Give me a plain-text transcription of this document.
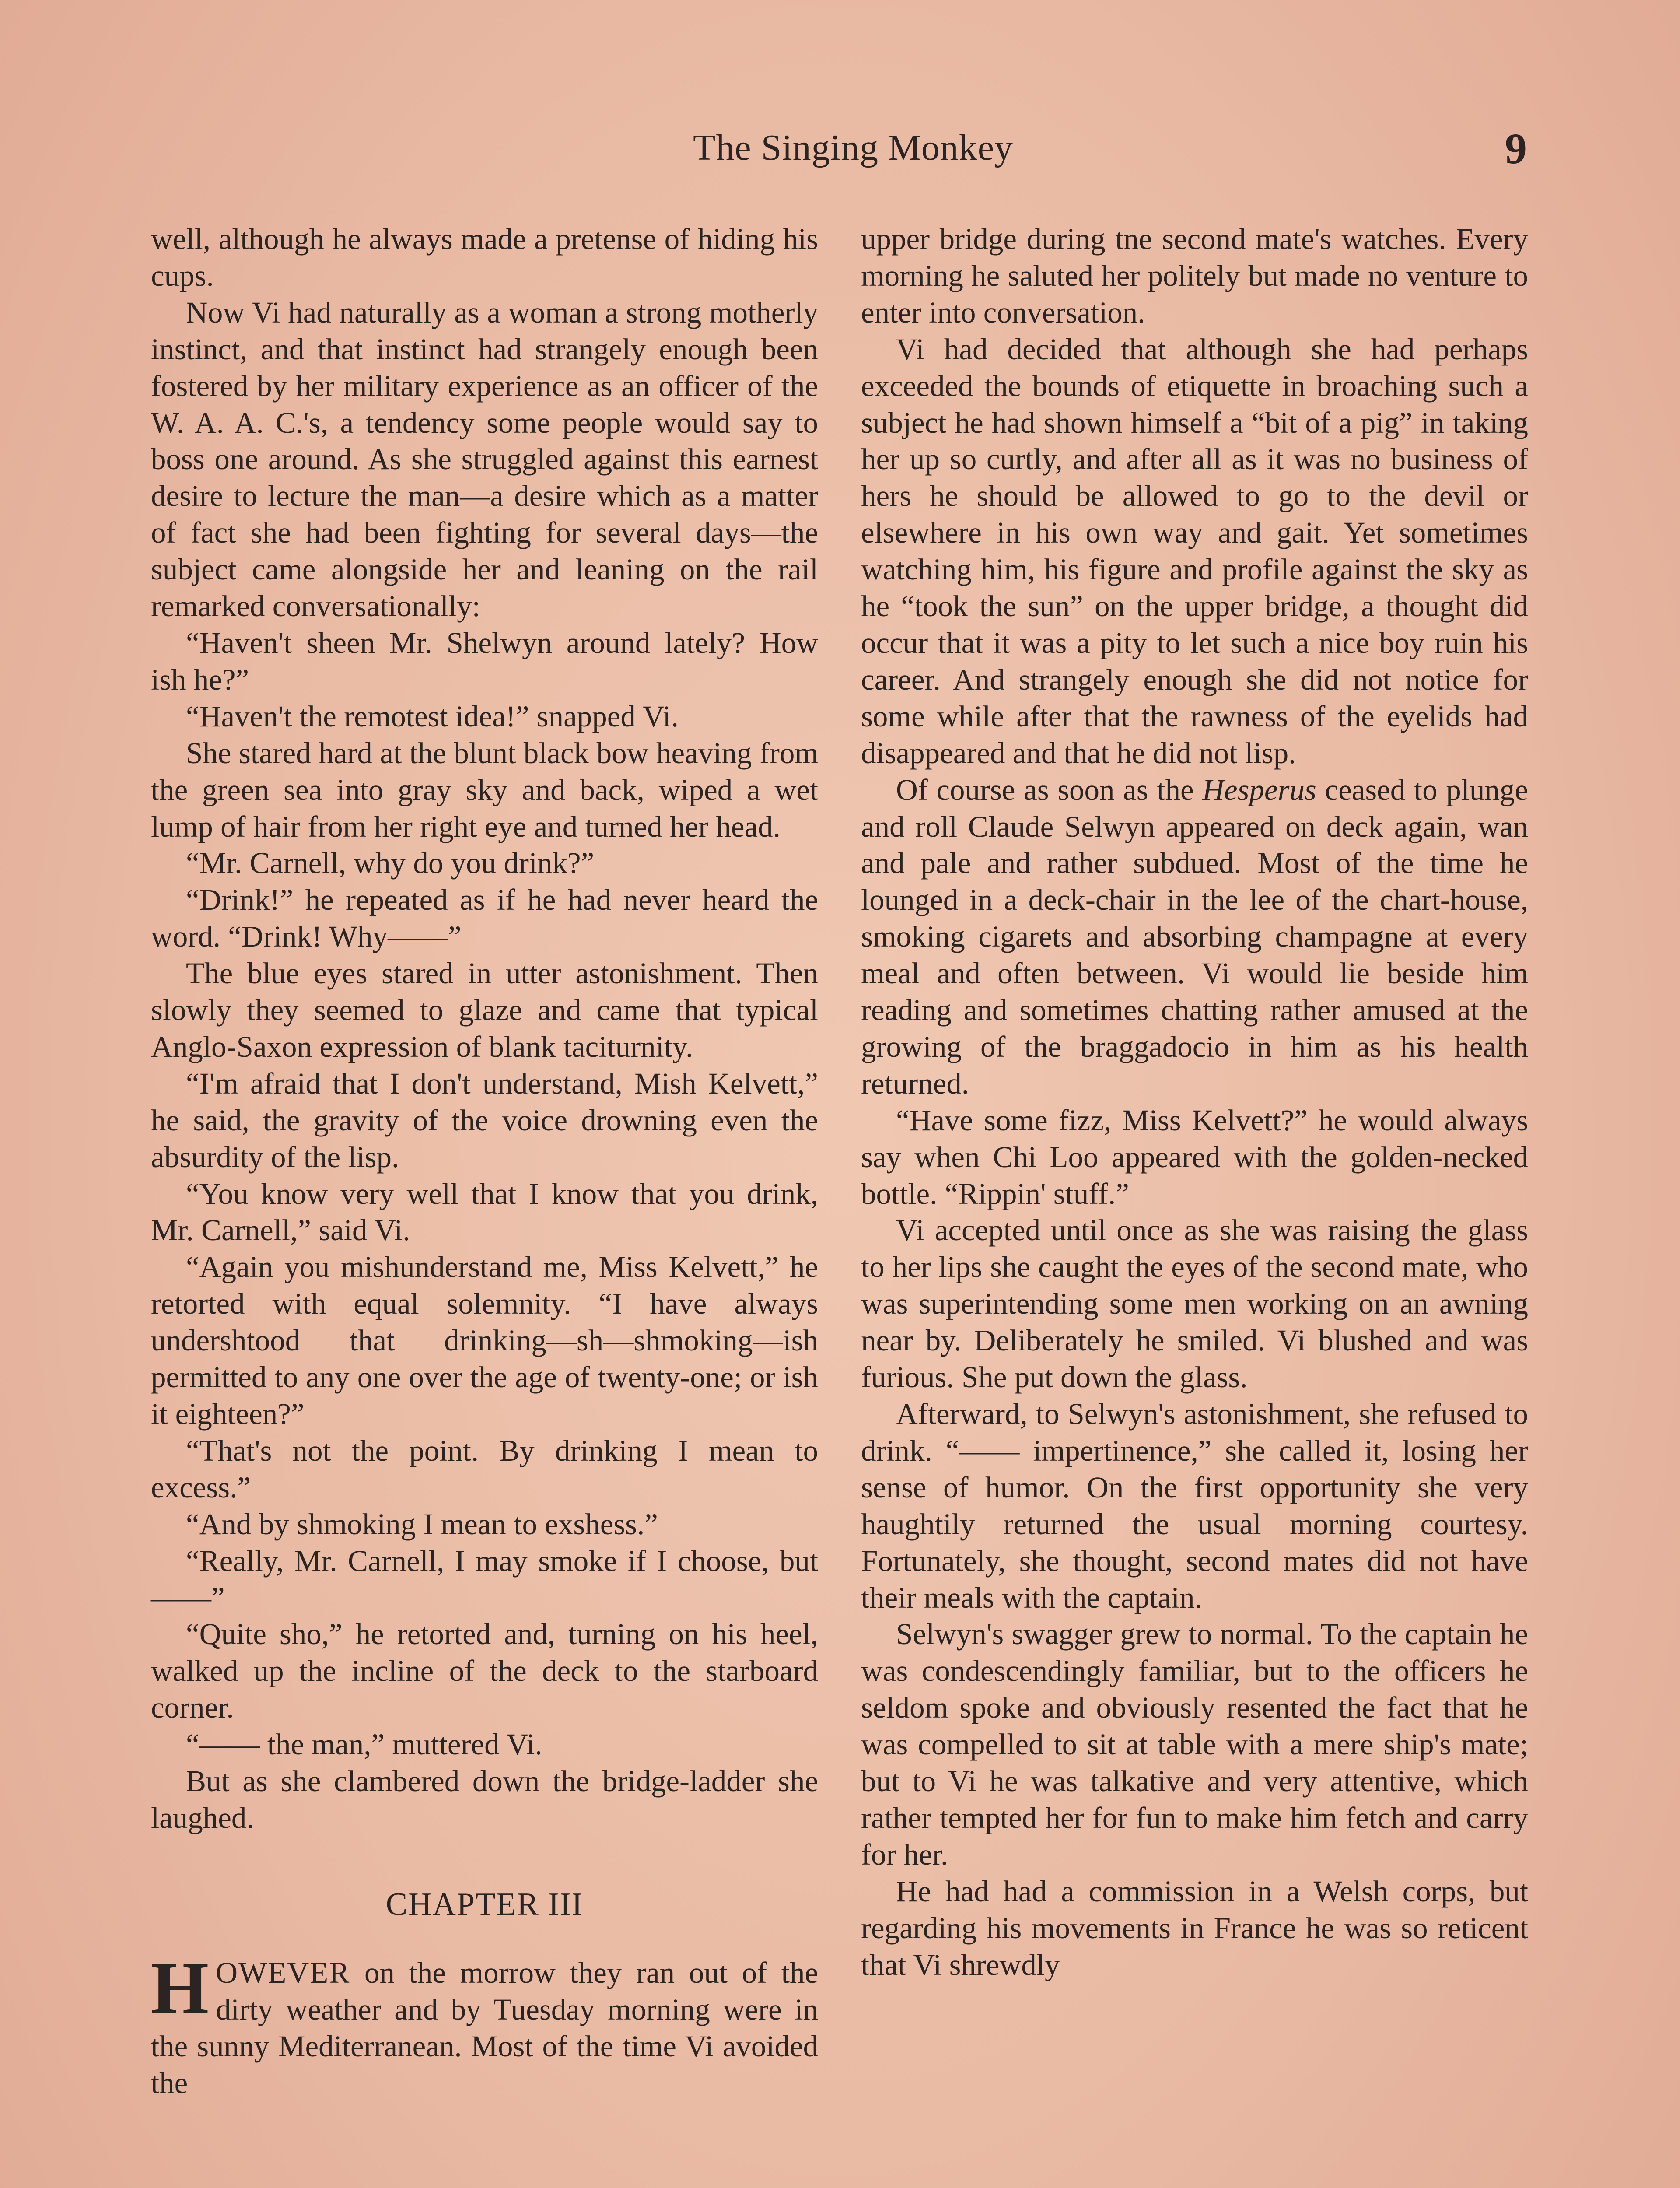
The Singing Monkey	9

well, although he always made a pretense of hiding his cups.

Now Vi had naturally as a woman a strong motherly instinct, and that instinct had strangely enough been fostered by her military experience as an officer of the W. A. A. C.'s, a tendency some people would say to boss one around. As she struggled against this earnest desire to lecture the man—a desire which as a matter of fact she had been fighting for several days—the subject came alongside her and leaning on the rail remarked conversationally:

“Haven't sheen Mr. Shelwyn around lately? How ish he?”

“Haven't the remotest idea!” snapped Vi.

She stared hard at the blunt black bow heaving from the green sea into gray sky and back, wiped a wet lump of hair from her right eye and turned her head.

“Mr. Carnell, why do you drink?”

“Drink!” he repeated as if he had never heard the word. “Drink! Why——”

The blue eyes stared in utter astonishment. Then slowly they seemed to glaze and came that typical Anglo-Saxon expression of blank taciturnity.

“I'm afraid that I don't understand, Mish Kelvett,” he said, the gravity of the voice drowning even the absurdity of the lisp.

“You know very well that I know that you drink, Mr. Carnell,” said Vi.

“Again you mishunderstand me, Miss Kelvett,” he retorted with equal solemnity. “I have always undershtood that drinking—sh—shmoking—ish permitted to any one over the age of twenty-one; or ish it eighteen?”

“That's not the point. By drinking I mean to excess.”

“And by shmoking I mean to exshess.”

“Really, Mr. Carnell, I may smoke if I choose, but——”

“Quite sho,” he retorted and, turning on his heel, walked up the incline of the deck to the starboard corner.

“—— the man,” muttered Vi.

But as she clambered down the bridge-ladder she laughed.

CHAPTER III

HOWEVER on the morrow they ran out of the dirty weather and by Tuesday morning were in the sunny Mediterranean. Most of the time Vi avoided the

upper bridge during tne second mate's watches. Every morning he saluted her politely but made no venture to enter into conversation.

Vi had decided that although she had perhaps exceeded the bounds of etiquette in broaching such a subject he had shown himself a “bit of a pig” in taking her up so curtly, and after all as it was no business of hers he should be allowed to go to the devil or elsewhere in his own way and gait. Yet sometimes watching him, his figure and profile against the sky as he “took the sun” on the upper bridge, a thought did occur that it was a pity to let such a nice boy ruin his career. And strangely enough she did not notice for some while after that the rawness of the eyelids had disappeared and that he did not lisp.

Of course as soon as the Hesperus ceased to plunge and roll Claude Selwyn appeared on deck again, wan and pale and rather subdued. Most of the time he lounged in a deck-chair in the lee of the chart-house, smoking cigarets and absorbing champagne at every meal and often between. Vi would lie beside him reading and sometimes chatting rather amused at the growing of the braggadocio in him as his health returned.

“Have some fizz, Miss Kelvett?” he would always say when Chi Loo appeared with the golden-necked bottle. “Rippin' stuff.”

Vi accepted until once as she was raising the glass to her lips she caught the eyes of the second mate, who was superintending some men working on an awning near by. Deliberately he smiled. Vi blushed and was furious. She put down the glass.

Afterward, to Selwyn's astonishment, she refused to drink. “—— impertinence,” she called it, losing her sense of humor. On the first opportunity she very haughtily returned the usual morning courtesy. Fortunately, she thought, second mates did not have their meals with the captain.

Selwyn's swagger grew to normal. To the captain he was condescendingly familiar, but to the officers he seldom spoke and obviously resented the fact that he was compelled to sit at table with a mere ship's mate; but to Vi he was talkative and very attentive, which rather tempted her for fun to make him fetch and carry for her.

He had had a commission in a Welsh corps, but regarding his movements in France he was so reticent that Vi shrewdly
